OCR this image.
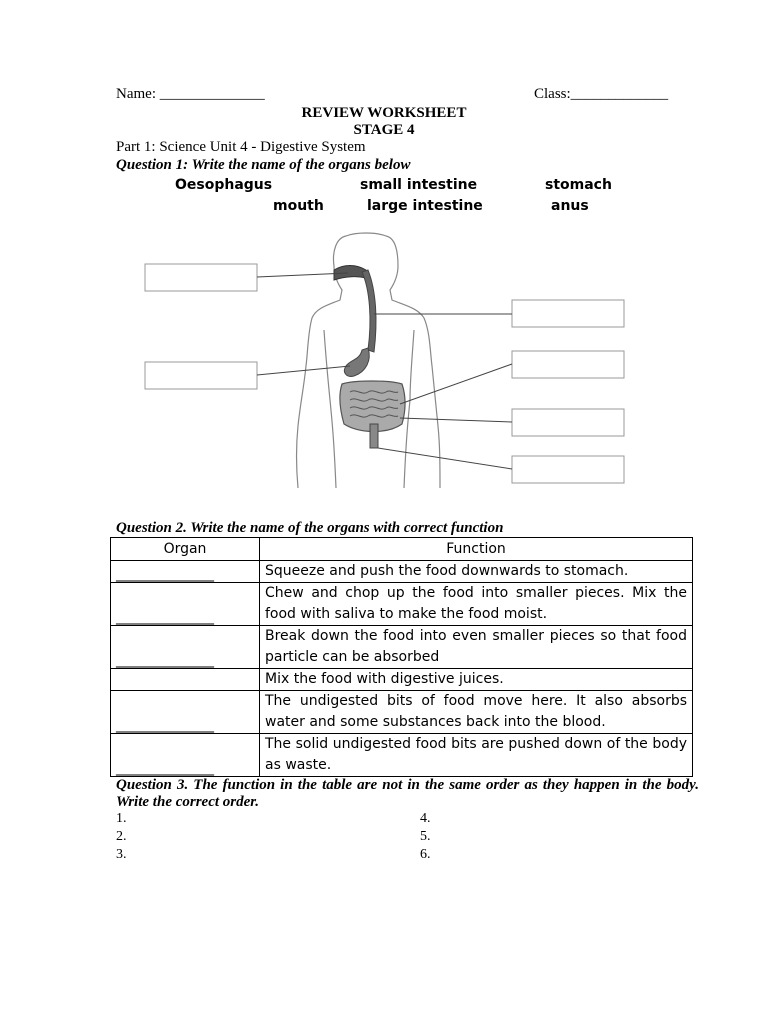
Name: ______________	Class:_____________
REVIEW WORKSHEET
STAGE 4
Part 1: Science Unit 4 - Digestive System
Question 1: Write the name of the organs below
Oesophagus	small intestine	stomach
mouth	large intestine	anus
Question 2. Write the name of the organs with correct function
Organ	Function
______________	Squeeze and push the food downwards to stomach.
______________	Chew and chop up the food into smaller pieces. Mix the food with saliva to make the food moist.
______________	Break down the food into even smaller pieces so that food particle can be absorbed
	Mix the food with digestive juices.
______________	The undigested bits of food move here. It also absorbs water and some substances back into the blood.
______________	The solid undigested food bits are pushed down of the body as waste.
Question 3. The function in the table are not in the same order as they happen in the body. Write the correct order.
1.
2.
3.
4.
5.
6.
